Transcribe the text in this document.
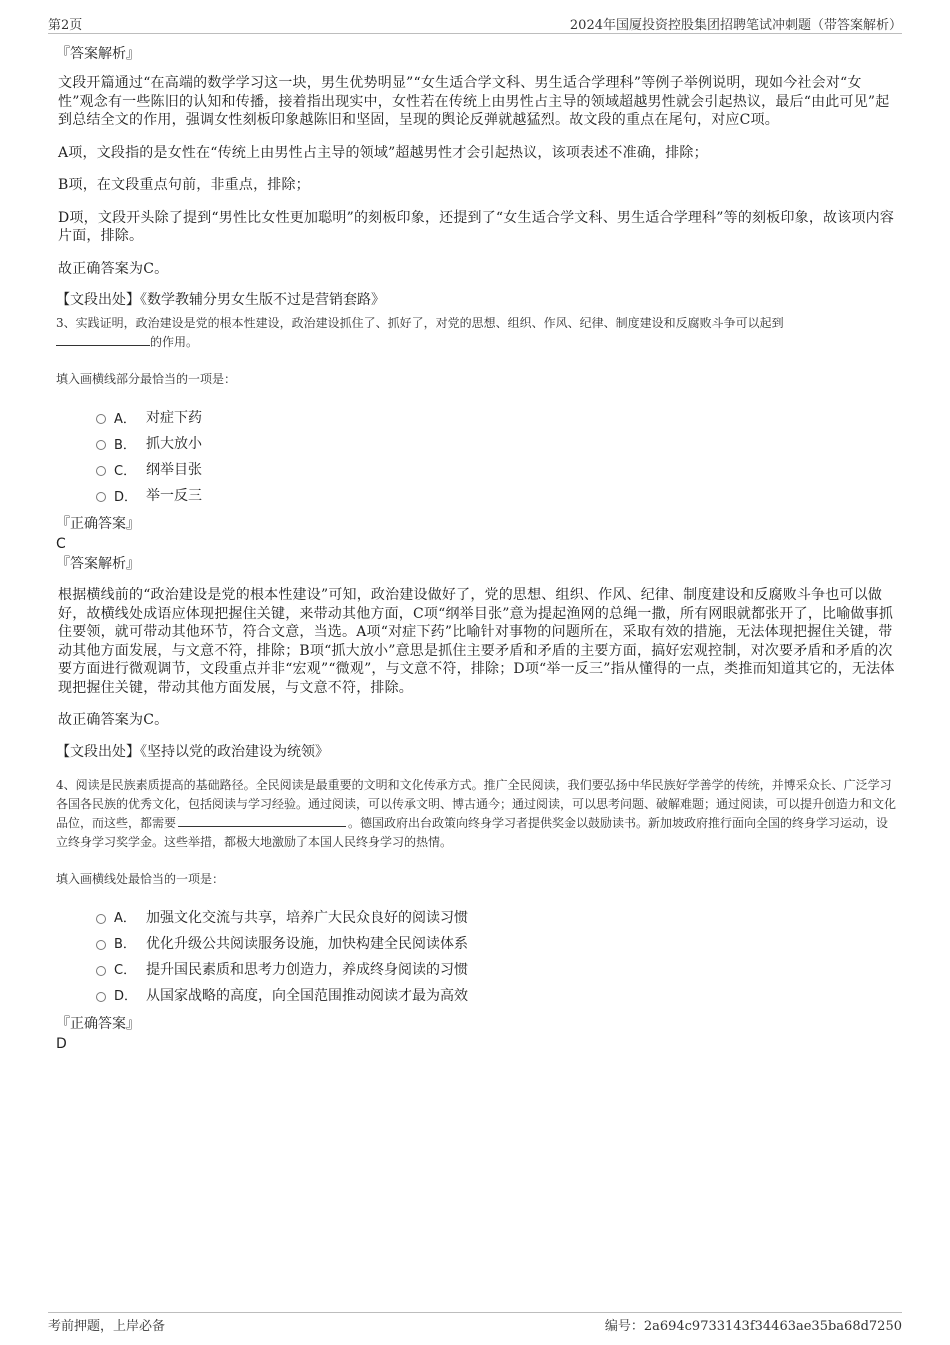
第2页	2024年国厦投资控股集团招聘笔试冲刺题（带答案解析）
『答案解析』

文段开篇通过“在高端的数学学习这一块，男生优势明显”“女生适合学文科、男生适合学理科”等例子举例说明，现如今社会对“女性”观念有一些陈旧的认知和传播，接着指出现实中，女性若在传统上由男性占主导的领域超越男性就会引起热议，最后“由此可见”起到总结全文的作用，强调女性刻板印象越陈旧和坚固，呈现的舆论反弹就越猛烈。故文段的重点在尾句，对应C项。

A项，文段指的是女性在“传统上由男性占主导的领域”超越男性才会引起热议，该项表述不准确，排除；

B项，在文段重点句前，非重点，排除；

D项，文段开头除了提到“男性比女性更加聪明”的刻板印象，还提到了“女生适合学文科、男生适合学理科”等的刻板印象，故该项内容片面，排除。

故正确答案为C。

【文段出处】《数学教辅分男女生版不过是营销套路》
3、实践证明，政治建设是党的根本性建设，政治建设抓住了、抓好了，对党的思想、组织、作风、纪律、制度建设和反腐败斗争可以起到
的作用。
填入画横线部分最恰当的一项是：
A． 对症下药
B． 抓大放小
C． 纲举目张
D． 举一反三
『正确答案』
C
『答案解析』

根据横线前的“政治建设是党的根本性建设”可知，政治建设做好了，党的思想、组织、作风、纪律、制度建设和反腐败斗争也可以做好，故横线处成语应体现把握住关键，来带动其他方面，C项“纲举目张”意为提起渔网的总绳一撒，所有网眼就都张开了，比喻做事抓住要领，就可带动其他环节，符合文意，当选。A项“对症下药”比喻针对事物的问题所在，采取有效的措施，无法体现把握住关键，带动其他方面发展，与文意不符，排除；B项“抓大放小”意思是抓住主要矛盾和矛盾的主要方面，搞好宏观控制，对次要矛盾和矛盾的次要方面进行微观调节，文段重点并非“宏观”“微观”，与文意不符，排除；D项“举一反三”指从懂得的一点，类推而知道其它的，无法体现把握住关键，带动其他方面发展，与文意不符，排除。

故正确答案为C。

【文段出处】《坚持以党的政治建设为统领》
4、阅读是民族素质提高的基础路径。全民阅读是最重要的文明和文化传承方式。推广全民阅读，我们要弘扬中华民族好学善学的传统，并博采众长、广泛学习各国各民族的优秀文化，包括阅读与学习经验。通过阅读，可以传承文明、博古通今；通过阅读，可以思考问题、破解难题；通过阅读，可以提升创造力和文化品位，而这些，都需要	。德国政府出台政策向终身学习者提供奖金以鼓励读书。新加坡政府推行面向全国的终身学习运动，设立终身学习奖学金。这些举措，都极大地激励了本国人民终身学习的热情。
填入画横线处最恰当的一项是：
A． 加强文化交流与共享，培养广大民众良好的阅读习惯
B． 优化升级公共阅读服务设施，加快构建全民阅读体系
C． 提升国民素质和思考力创造力，养成终身阅读的习惯
D． 从国家战略的高度，向全国范围推动阅读才最为高效
『正确答案』
D
考前押题，上岸必备	编号：2a694c9733143f34463ae35ba68d7250
